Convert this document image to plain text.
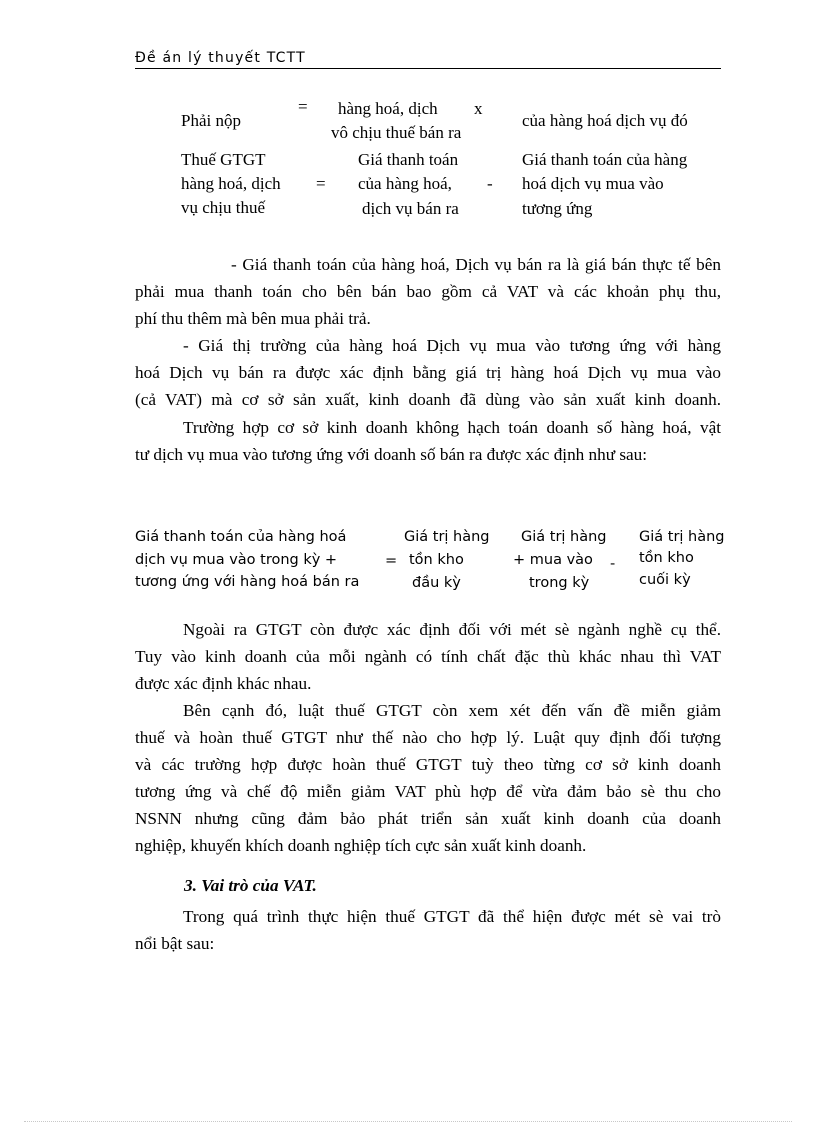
Đề án lý thuyết TCTT
Phải nộp
= hàng hoá, dịch x
vô chịu thuế bán ra
của hàng hoá dịch vụ đó
Thuế GTGT
hàng hoá, dịch
vụ chịu thuế
=
Giá thanh toán
của hàng hoá,
dịch vụ bán ra
-
Giá thanh toán của hàng
hoá dịch vụ mua vào
tương ứng
- Giá thanh toán của hàng hoá, Dịch vụ bán ra là giá bán thực tế bên
phải mua thanh toán cho bên bán bao gồm cả VAT và các khoản phụ thu,
phí thu thêm mà bên mua phải trả.
- Giá thị trường của hàng hoá Dịch vụ mua vào tương ứng với hàng
hoá Dịch vụ bán ra được xác định bằng giá trị hàng hoá Dịch vụ mua vào
(cả VAT) mà cơ sở sản xuất, kinh doanh đã dùng vào sản xuất kinh doanh.
Trường hợp cơ sở kinh doanh không hạch toán doanh số hàng hoá, vật
tư dịch vụ mua vào tương ứng với doanh số bán ra được xác định như sau:
Giá thanh toán của hàng hoá
dịch vụ mua vào trong kỳ +
tương ứng với hàng hoá bán ra
=
Giá trị hàng
tồn kho
đầu kỳ
Giá trị hàng
+ mua vào
trong kỳ
-
Giá trị hàng
tồn kho
cuối kỳ
Ngoài ra GTGT còn được xác định đối với mét sè ngành nghề cụ thể.
Tuy vào kinh doanh của mỗi ngành có tính chất đặc thù khác nhau thì VAT
được xác định khác nhau.
Bên cạnh đó, luật thuế GTGT còn xem xét đến vấn đề miễn giảm
thuế và hoàn thuế GTGT như thế nào cho hợp lý. Luật quy định đối tượng
và các trường hợp được hoàn thuế GTGT tuỳ theo từng cơ sở kinh doanh
tương ứng và chế độ miễn giảm VAT phù hợp để vừa đảm bảo sè thu cho
NSNN nhưng cũng đảm bảo phát triển sản xuất kinh doanh của doanh
nghiệp, khuyến khích doanh nghiệp tích cực sản xuất kinh doanh.
3. Vai trò của VAT.
Trong quá trình thực hiện thuế GTGT đã thể hiện được mét sè vai trò
nổi bật sau:
